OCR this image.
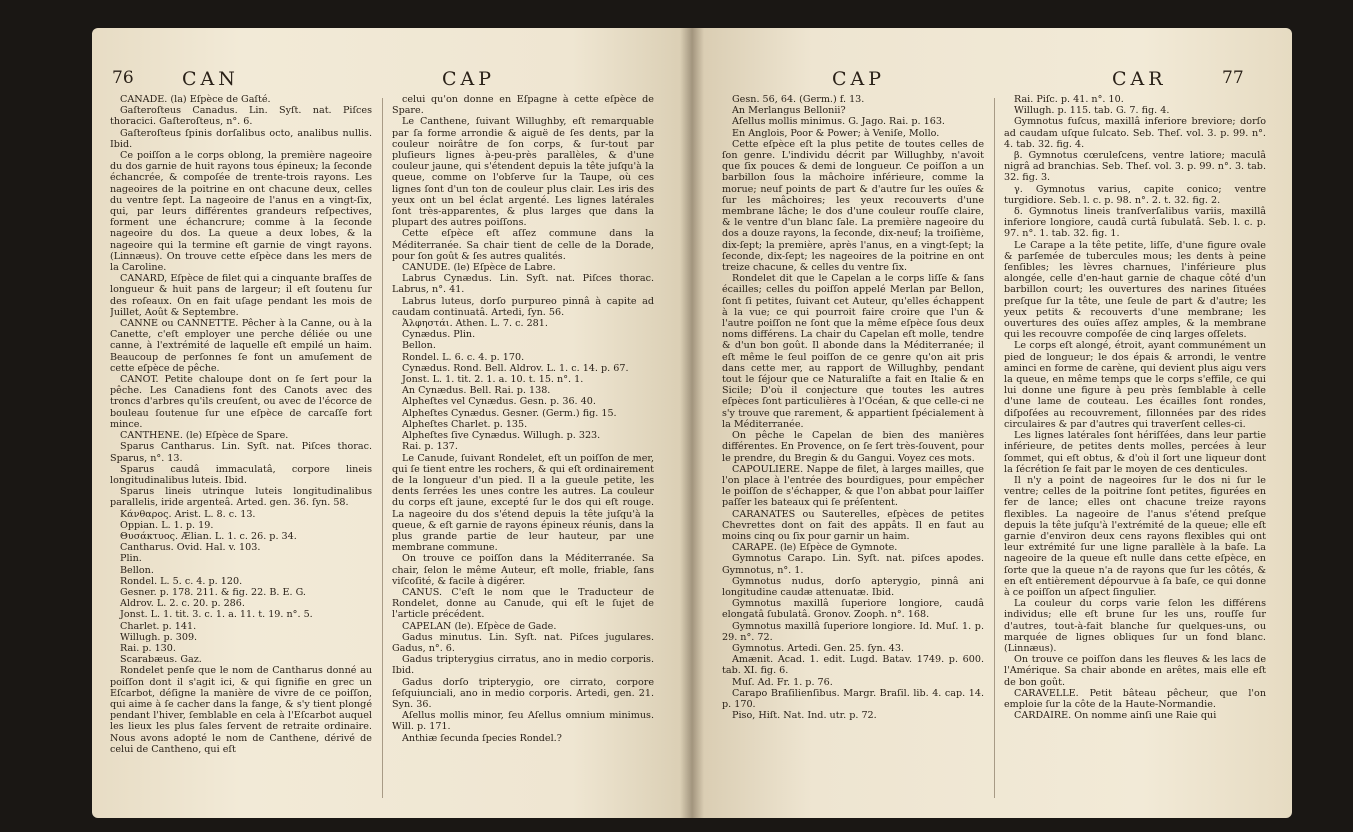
76	CAN	CAP

CANADE. (la) Eſpèce de Gaſté.

Gaſteroſteus Canadus. Lin. Syſt. nat. Piſces thoracici. Gaſteroſteus, n°. 6.

Gaſteroſteus ſpinis dorſalibus octo, analibus nullis. Ibid.

Ce poiſſon a le corps oblong, la première nageoire du dos garnie de huit rayons tous épineux; la ſeconde échancrée, & compoſée de trente-trois rayons. Les nageoires de la poitrine en ont chacune deux, celles du ventre ſept. La nageoire de l'anus en a vingt-ſix, qui, par leurs différentes grandeurs reſpectives, forment une échancrure; comme à la ſeconde nageoire du dos. La queue a deux lobes, & la nageoire qui la termine eſt garnie de vingt rayons. (Linnæus). On trouve cette eſpèce dans les mers de la Caroline.

CANARD, Eſpèce de filet qui a cinquante braſſes de longueur & huit pans de largeur; il eſt ſoutenu ſur des roſeaux. On en fait uſage pendant les mois de Juillet, Août & Septembre.

CANNE ou CANNETTE. Pêcher à la Canne, ou à la Canette, c'eſt employer une perche déliée ou une canne, à l'extrémité de laquelle eſt empilé un haim. Beaucoup de perſonnes ſe font un amuſement de cette eſpèce de pêche.

CANOT. Petite chaloupe dont on ſe ſert pour la pêche. Les Canadiens font des Canots avec des troncs d'arbres qu'ils creuſent, ou avec de l'écorce de bouleau ſoutenue ſur une eſpèce de carcaſſe fort mince.

CANTHENE. (le) Eſpèce de Spare.

Sparus Cantharus. Lin. Syſt. nat. Piſces thorac. Sparus, n°. 13.

Sparus caudâ immaculatâ, corpore lineis longitudinalibus luteis. Ibid.

Sparus lineis utrinque luteis longitudinalibus parallelis, iride argenteâ. Arted. gen. 36. ſyn. 58.

Κάνθαρος. Arist. L. 8. c. 13.

Oppian. L. 1. p. 19.

Θυσάκτυος. Ælian. L. 1. c. 26. p. 34.

Cantharus. Ovid. Hal. v. 103.

Plin.

Bellon.

Rondel. L. 5. c. 4. p. 120.

Gesner. p. 178. 211. & fig. 22. B. E. G.

Aldrov. L. 2. c. 20. p. 286.

Jonst. L. 1. tit. 3. c. 1. a. 11. t. 19. n°. 5.

Charlet. p. 141.

Willugh. p. 309.

Rai. p. 130.

Scarabæus. Gaz.

Rondelet penſe que le nom de Cantharus donné au poiſſon dont il s'agit ici, & qui ſignifie en grec un Eſcarbot, déſigne la manière de vivre de ce poiſſon, qui aime à ſe cacher dans la fange, & s'y tient plongé pendant l'hiver, ſemblable en cela à l'Eſcarbot auquel les lieux les plus ſales ſervent de retraite ordinaire. Nous avons adopté le nom de Canthene, dérivé de celui de Cantheno, qui eſt

celui qu'on donne en Eſpagne à cette eſpèce de Spare.

Le Canthene, ſuivant Willughby, eſt remarquable par ſa forme arrondie & aiguë de ſes dents, par la couleur noirâtre de ſon corps, & ſur-tout par pluſieurs lignes à-peu-près parallèles, & d'une couleur jaune, qui s'étendent depuis la tête juſqu'à la queue, comme on l'obſerve ſur la Taupe, où ces lignes ſont d'un ton de couleur plus clair. Les iris des yeux ont un bel éclat argenté. Les lignes latérales ſont très-apparentes, & plus larges que dans la plupart des autres poiſſons.

Cette eſpèce eſt aſſez commune dans la Méditerranée. Sa chair tient de celle de la Dorade, pour ſon goût & ſes autres qualités.

CANUDE. (le) Eſpèce de Labre.

Labrus Cynædus. Lin. Syſt. nat. Piſces thorac. Labrus, n°. 41.

Labrus luteus, dorſo purpureo pinnâ à capite ad caudam continuatâ. Artedi, ſyn. 56.

Ἀλφηστάι. Athen. L. 7. c. 281.

Cynædus. Plin.

Bellon.

Rondel. L. 6. c. 4. p. 170.

Cynædus. Rond. Bell. Aldrov. L. 1. c. 14. p. 67.

Jonst. L. 1. tit. 2. 1. a. 10. t. 15. n°. 1.

An Cynædus. Bell. Rai. p. 138.

Alpheſtes vel Cynædus. Gesn. p. 36. 40.

Alpheſtes Cynædus. Gesner. (Germ.) fig. 15.

Alpheſtes Charlet. p. 135.

Alpheſtes ſive Cynædus. Willugh. p. 323.

Rai. p. 137.

Le Canude, ſuivant Rondelet, eſt un poiſſon de mer, qui ſe tient entre les rochers, & qui eſt ordinairement de la longueur d'un pied. Il a la gueule petite, les dents ſerrées les unes contre les autres. La couleur du corps eſt jaune, excepté ſur le dos qui eſt rouge. La nageoire du dos s'étend depuis la tête juſqu'à la queue, & eſt garnie de rayons épineux réunis, dans la plus grande partie de leur hauteur, par une membrane commune.

On trouve ce poiſſon dans la Méditerranée. Sa chair, ſelon le même Auteur, eſt molle, friable, ſans viſcoſité, & facile à digérer.

CANUS. C'eſt le nom que le Traducteur de Rondelet, donne au Canude, qui eſt le ſujet de l'article précédent.

CAPELAN (le). Eſpèce de Gade.

Gadus minutus. Lin. Syſt. nat. Piſces jugulares. Gadus, n°. 6.

Gadus tripterygius cirratus, ano in medio corporis. Ibid.

Gadus dorſo tripterygio, ore cirrato, corpore ſeſquiunciali, ano in medio corporis. Artedi, gen. 21. Syn. 36.

Aſellus mollis minor, ſeu Aſellus omnium minimus. Will. p. 171.

Anthiæ ſecunda ſpecies Rondel.?

CAP	CAR	77

Gesn. 56, 64. (Germ.) f. 13.

An Merlangus Bellonii?

Aſellus mollis minimus. G. Jago. Rai. p. 163.

En Anglois, Poor & Power; à Veniſe, Mollo.

Cette eſpèce eſt la plus petite de toutes celles de ſon genre. L'individu décrit par Willughby, n'avoit que ſix pouces & demi de longueur. Ce poiſſon a un barbillon ſous la mâchoire inférieure, comme la morue; neuf points de part & d'autre ſur les ouïes & ſur les mâchoires; les yeux recouverts d'une membrane lâche; le dos d'une couleur rouſſe claire, & le ventre d'un blanc ſale. La première nageoire du dos a douze rayons, la ſeconde, dix-neuf; la troiſième, dix-ſept; la première, après l'anus, en a vingt-ſept; la ſeconde, dix-ſept; les nageoires de la poitrine en ont treize chacune, & celles du ventre ſix.

Rondelet dit que le Capelan a le corps liſſe & ſans écailles; celles du poiſſon appelé Merlan par Bellon, ſont ſi petites, ſuivant cet Auteur, qu'elles échappent à la vue; ce qui pourroit faire croire que l'un & l'autre poiſſon ne ſont que la même eſpèce ſous deux noms différens. La chair du Capelan eſt molle, tendre & d'un bon goût. Il abonde dans la Méditerranée; il eſt même le ſeul poiſſon de ce genre qu'on ait pris dans cette mer, au rapport de Willughby, pendant tout le ſéjour que ce Naturaliſte a fait en Italie & en Sicile; D'où il conjecture que toutes les autres eſpèces ſont particulières à l'Océan, & que celle-ci ne s'y trouve que rarement, & appartient ſpécialement à la Méditerranée.

On pêche le Capelan de bien des manières différentes. En Provence, on ſe ſert très-ſouvent, pour le prendre, du Bregin & du Gangui. Voyez ces mots.

CAPOULIERE. Nappe de filet, à larges mailles, que l'on place à l'entrée des bourdigues, pour empêcher le poiſſon de s'échapper, & que l'on abbat pour laiſſer paſſer les bateaux qui ſe préſentent.

CARANATES ou Sauterelles, eſpèces de petites Chevrettes dont on fait des appâts. Il en faut au moins cinq ou ſix pour garnir un haim.

CARAPE. (le) Eſpèce de Gymnote.

Gymnotus Carapo. Lin. Syſt. nat. piſces apodes. Gymnotus, n°. 1.

Gymnotus nudus, dorſo apterygio, pinnâ ani longitudine caudæ attenuatæ. Ibid.

Gymnotus maxillâ ſuperiore longiore, caudâ elongatâ ſubulatâ. Gronov. Zooph. n°. 168.

Gymnotus maxillâ ſuperiore longiore. Id. Muſ. 1. p. 29. n°. 72.

Gymnotus. Artedi. Gen. 25. ſyn. 43.

Amænit. Acad. 1. edit. Lugd. Batav. 1749. p. 600. tab. XI. fig. 6.

Muſ. Ad. Fr. 1. p. 76.

Carapo Braſilienſibus. Margr. Braſil. lib. 4. cap. 14. p. 170.

Piso, Hiſt. Nat. Ind. utr. p. 72.

Rai. Piſc. p. 41. n°. 10.

Willugh. p. 115. tab. G. 7. fig. 4.

Gymnotus fuſcus, maxillâ inferiore breviore; dorſo ad caudam uſque ſulcato. Seb. Theſ. vol. 3. p. 99. n°. 4. tab. 32. fig. 4.

β. Gymnotus cœruleſcens, ventre latiore; maculâ nigrâ ad branchias. Seb. Theſ. vol. 3. p. 99. n°. 3. tab. 32. fig. 3.

γ. Gymnotus varius, capite conico; ventre turgidiore. Seb. l. c. p. 98. n°. 2. t. 32. fig. 2.

δ. Gymnotus lineis tranſverſalibus variis, maxillâ inferiore longiore, caudâ curtâ ſubulatâ. Seb. l. c. p. 97. n°. 1. tab. 32. fig. 1.

Le Carape a la tête petite, liſſe, d'une figure ovale & parſemée de tubercules mous; les dents à peine ſenſibles; les lèvres charnues, l'inférieure plus alongée, celle d'en-haut garnie de chaque côté d'un barbillon court; les ouvertures des narines ſituées preſque ſur la tête, une ſeule de part & d'autre; les yeux petits & recouverts d'une membrane; les ouvertures des ouïes aſſez amples, & la membrane qui les recouvre compoſée de cinq larges oſſelets.

Le corps eſt alongé, étroit, ayant communément un pied de longueur; le dos épais & arrondi, le ventre aminci en forme de carène, qui devient plus aigu vers la queue, en même temps que le corps s'effile, ce qui lui donne une figure à peu près ſemblable à celle d'une lame de couteau. Les écailles ſont rondes, diſpoſées au recouvrement, ſillonnées par des rides circulaires & par d'autres qui traverſent celles-ci.

Les lignes latérales ſont hériſſées, dans leur partie inférieure, de petites dents molles, percées à leur ſommet, qui eſt obtus, & d'où il ſort une liqueur dont la ſécrétion ſe fait par le moyen de ces denticules.

Il n'y a point de nageoires ſur le dos ni ſur le ventre; celles de la poitrine ſont petites, figurées en fer de lance; elles ont chacune treize rayons flexibles. La nageoire de l'anus s'étend preſque depuis la tête juſqu'à l'extrémité de la queue; elle eſt garnie d'environ deux cens rayons flexibles qui ont leur extrémité ſur une ligne parallèle à la baſe. La nageoire de la queue eſt nulle dans cette eſpèce, en ſorte que la queue n'a de rayons que ſur les côtés, & en eſt entièrement dépourvue à ſa baſe, ce qui donne à ce poiſſon un aſpect ſingulier.

La couleur du corps varie ſelon les différens individus; elle eſt brune ſur les uns, rouſſe ſur d'autres, tout-à-fait blanche ſur quelques-uns, ou marquée de lignes obliques ſur un fond blanc. (Linnæus).

On trouve ce poiſſon dans les fleuves & les lacs de l'Amérique. Sa chair abonde en arêtes, mais elle eſt de bon goût.

CARAVELLE. Petit bâteau pêcheur, que l'on emploie ſur la côte de la Haute-Normandie.

CARDAIRE. On nomme ainſi une Raie qui
